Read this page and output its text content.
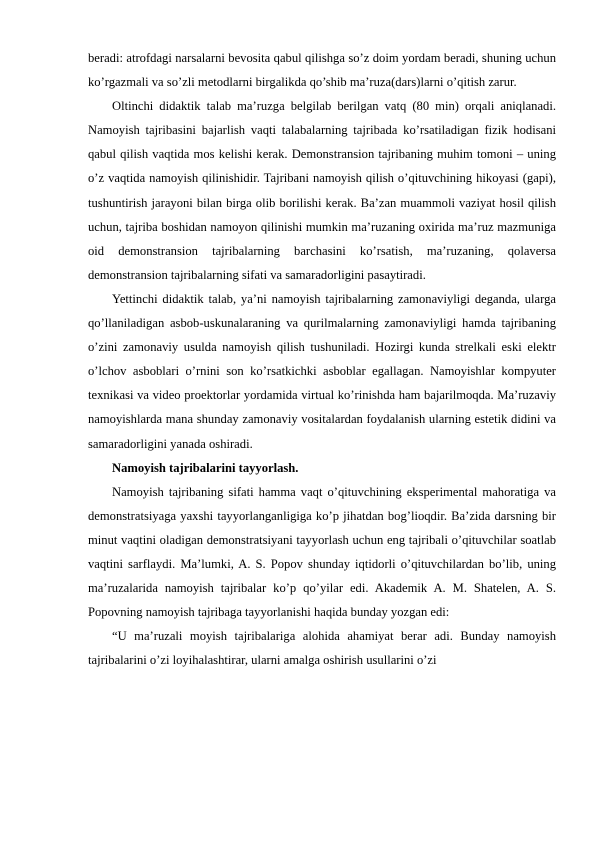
beradi: atrofdagi narsalarni bevosita qabul qilishga so’z doim yordam beradi, shuning uchun ko’rgazmali va so’zli metodlarni birgalikda qo’shib ma’ruza(dars)larni o’qitish zarur.

Oltinchi didaktik talab ma’ruzga belgilab berilgan vatq (80 min) orqali aniqlanadi. Namoyish tajribasini bajarlish vaqti talabalarning tajribada ko’rsatiladigan fizik hodisani qabul qilish vaqtida mos kelishi kerak. Demonstransion tajribaning muhim tomoni – uning o’z vaqtida namoyish qilinishidir. Tajribani namoyish qilish o’qituvchining hikoyasi (gapi), tushuntirish jarayoni bilan birga olib borilishi kerak. Ba’zan muammoli vaziyat hosil qilish uchun, tajriba boshidan namoyon qilinishi mumkin ma’ruzaning oxirida ma’ruz mazmuniga oid demonstransion tajribalarning barchasini ko’rsatish, ma’ruzaning, qolaversa demonstransion tajribalarning sifati va samaradorligini pasaytiradi.

Yettinchi didaktik talab, ya’ni namoyish tajribalarning zamonaviyligi deganda, ularga qo’llaniladigan asbob-uskunalaraning va qurilmalarning zamonaviyligi hamda tajribaning o’zini zamonaviy usulda namoyish qilish tushuniladi. Hozirgi kunda strelkali eski elektr o’lchov asboblari o’rnini son ko’rsatkichki asboblar egallagan. Namoyishlar kompyuter texnikasi va video proektorlar yordamida virtual ko’rinishda ham bajarilmoqda. Ma’ruzaviy namoyishlarda mana shunday zamonaviy vositalardan foydalanish ularning estetik didini va samaradorligini yanada oshiradi.

Namoyish tajribalarini tayyorlash.

Namoyish tajribaning sifati hamma vaqt o’qituvchining eksperimental mahoratiga va demonstratsiyaga yaxshi tayyorlanganligiga ko’p jihatdan bog’lioqdir. Ba’zida darsning bir minut vaqtini oladigan demonstratsiyani tayyorlash uchun eng tajribali o’qituvchilar soatlab vaqtini sarflaydi. Ma’lumki, A. S. Popov shunday iqtidorli o’qituvchilardan bo’lib, uning ma’ruzalarida namoyish tajribalar ko’p qo’yilar edi. Akademik A. M. Shatelen, A. S. Popovning namoyish tajribaga tayyorlanishi haqida bunday yozgan edi:

“U ma’ruzali moyish tajribalariga alohida ahamiyat berar adi. Bunday namoyish tajribalarini o’zi loyihalashtirar, ularni amalga oshirish usullarini o’zi
